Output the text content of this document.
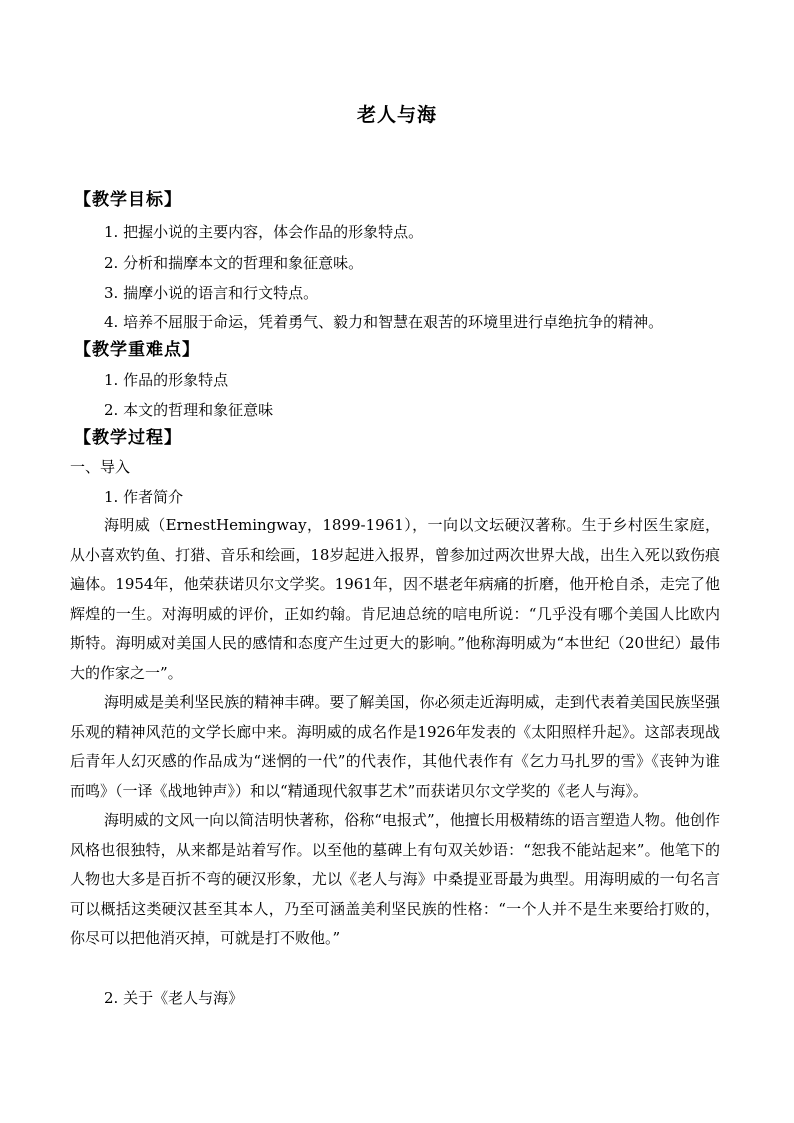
老人与海
【教学目标】
1. 把握小说的主要内容，体会作品的形象特点。
2. 分析和揣摩本文的哲理和象征意味。
3. 揣摩小说的语言和行文特点。
4. 培养不屈服于命运，凭着勇气、毅力和智慧在艰苦的环境里进行卓绝抗争的精神。
【教学重难点】
1. 作品的形象特点
2. 本文的哲理和象征意味
【教学过程】
一、导入
1. 作者简介

海明威（ErnestHemingway，1899-1961），一向以文坛硬汉著称。生于乡村医生家庭，从小喜欢钓鱼、打猎、音乐和绘画，18岁起进入报界，曾参加过两次世界大战，出生入死以致伤痕遍体。1954年，他荣获诺贝尔文学奖。1961年，因不堪老年病痛的折磨，他开枪自杀，走完了他辉煌的一生。对海明威的评价，正如约翰。肯尼迪总统的唁电所说：“几乎没有哪个美国人比欧内斯特。海明威对美国人民的感情和态度产生过更大的影响。”他称海明威为“本世纪（20世纪）最伟大的作家之一”。

海明威是美利坚民族的精神丰碑。要了解美国，你必须走近海明威，走到代表着美国民族坚强乐观的精神风范的文学长廊中来。海明威的成名作是1926年发表的《太阳照样升起》。这部表现战后青年人幻灭感的作品成为“迷惘的一代”的代表作，其他代表作有《乞力马扎罗的雪》《丧钟为谁而鸣》（一译《战地钟声》）和以“精通现代叙事艺术”而获诺贝尔文学奖的《老人与海》。

海明威的文风一向以简洁明快著称，俗称“电报式”，他擅长用极精练的语言塑造人物。他创作风格也很独特，从来都是站着写作。以至他的墓碑上有句双关妙语：“恕我不能站起来”。他笔下的人物也大多是百折不弯的硬汉形象，尤以《老人与海》中桑提亚哥最为典型。用海明威的一句名言可以概括这类硬汉甚至其本人，乃至可涵盖美利坚民族的性格：“一个人并不是生来要给打败的，你尽可以把他消灭掉，可就是打不败他。”

2. 关于《老人与海》
